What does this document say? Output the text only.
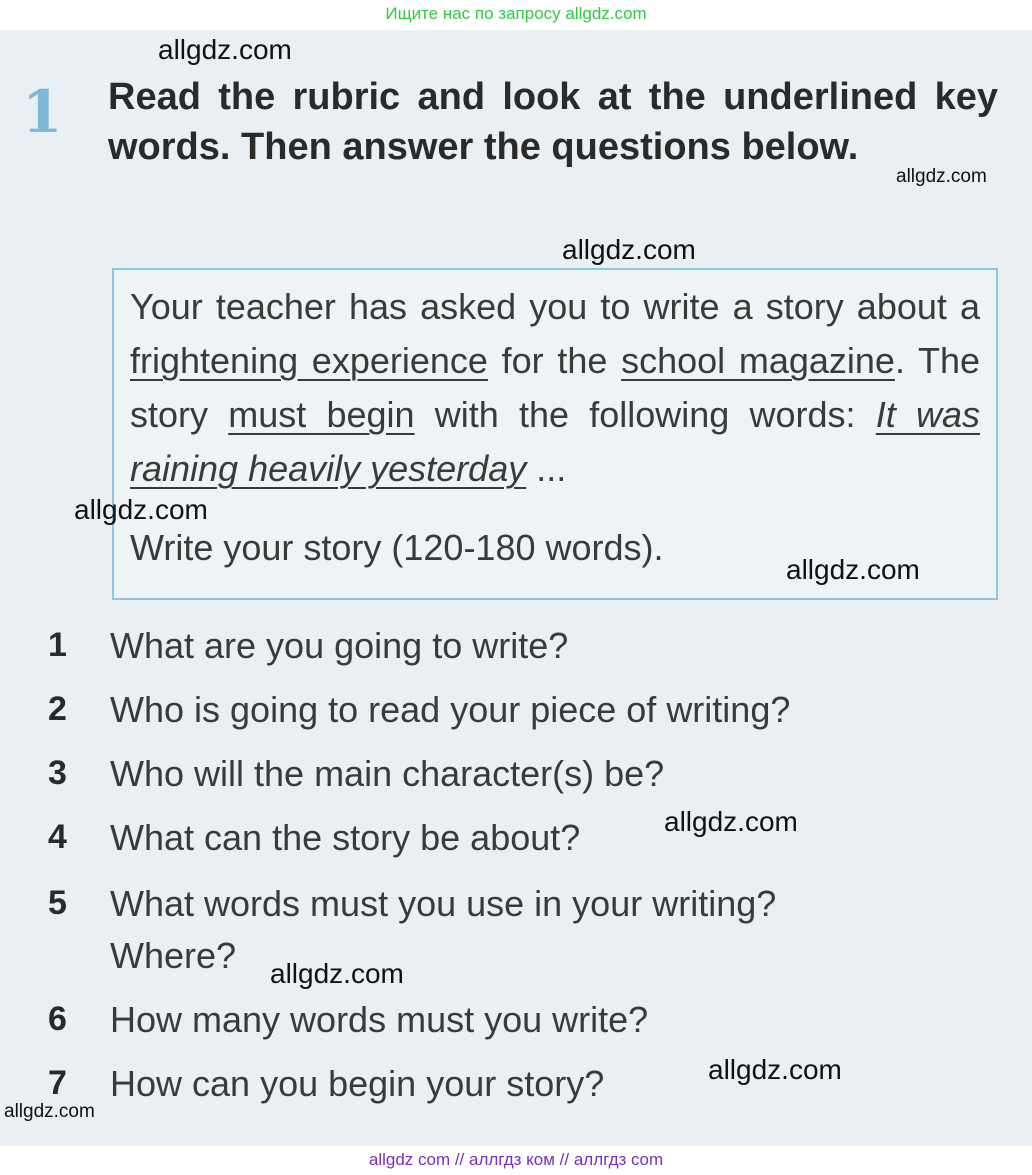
Ищите нас по запросу allgdz.com
1 Read the rubric and look at the underlined key words. Then answer the questions below.
Your teacher has asked you to write a story about a frightening experience for the school magazine. The story must begin with the following words: It was raining heavily yesterday ...
Write your story (120-180 words).
1	What are you going to write?
2	Who is going to read your piece of writing?
3	Who will the main character(s) be?
4	What can the story be about?
5	What words must you use in your writing? Where?
6	How many words must you write?
7	How can you begin your story?
allgdz.com
allgdz.com
allgdz.com
allgdz.com
allgdz.com
allgdz.com
allgdz.com
allgdz.com
allgdz.com
allgdz com // аллгдз ком // аллгдз com
